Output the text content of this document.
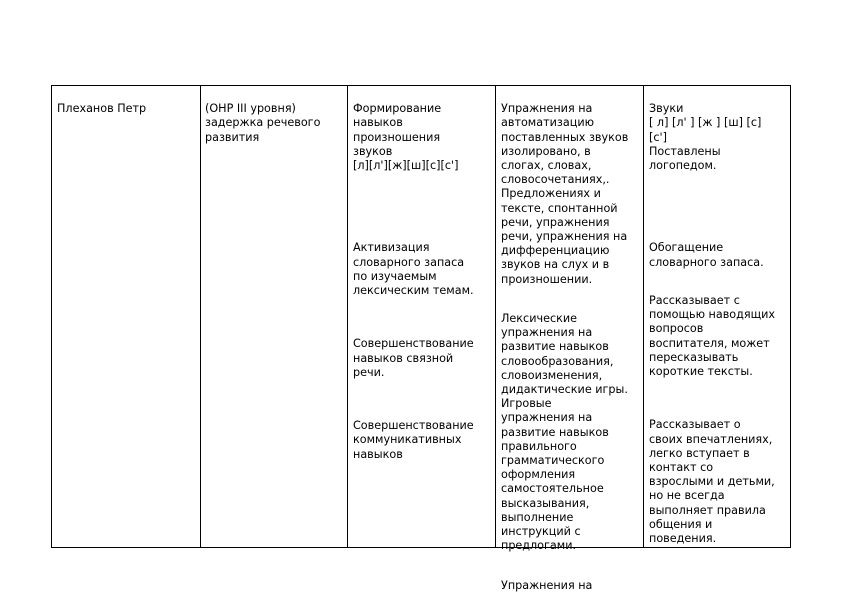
Плеханов Петр	(ОНР III уровня)
задержка речевого
развития

Формирование
навыков
произношения
звуков
[л][л'][ж][ш][с][с']

Активизация
словарного запаса
по изучаемым
лексическим темам.

Совершенствование
навыков связной
речи.

Совершенствование
коммуникативных
навыков

Упражнения на
автоматизацию
поставленных звуков
изолировано, в
слогах, словах,
словосочетаниях,.
Предложениях и
тексте, спонтанной
речи, упражнения
речи, упражнения на
дифференциацию
звуков на слух и в
произношении.

Лексические
упражнения на
развитие навыков
словообразования,
словоизменения,
дидактические игры.
Игровые
упражнения на
развитие навыков
правильного
грамматического
оформления
самостоятельное
высказывания,
выполнение
инструкций с
предлогами.

Упражнения на

Звуки
[ л] [л' ] [ж ] [ш] [с]
[с']
Поставлены
логопедом.

Обогащение
словарного запаса.

Рассказывает с
помощью наводящих
вопросов
воспитателя, может
пересказывать
короткие тексты.

Рассказывает о
своих впечатлениях,
легко вступает в
контакт со
взрослыми и детьми,
но не всегда
выполняет правила
общения и
поведения.
